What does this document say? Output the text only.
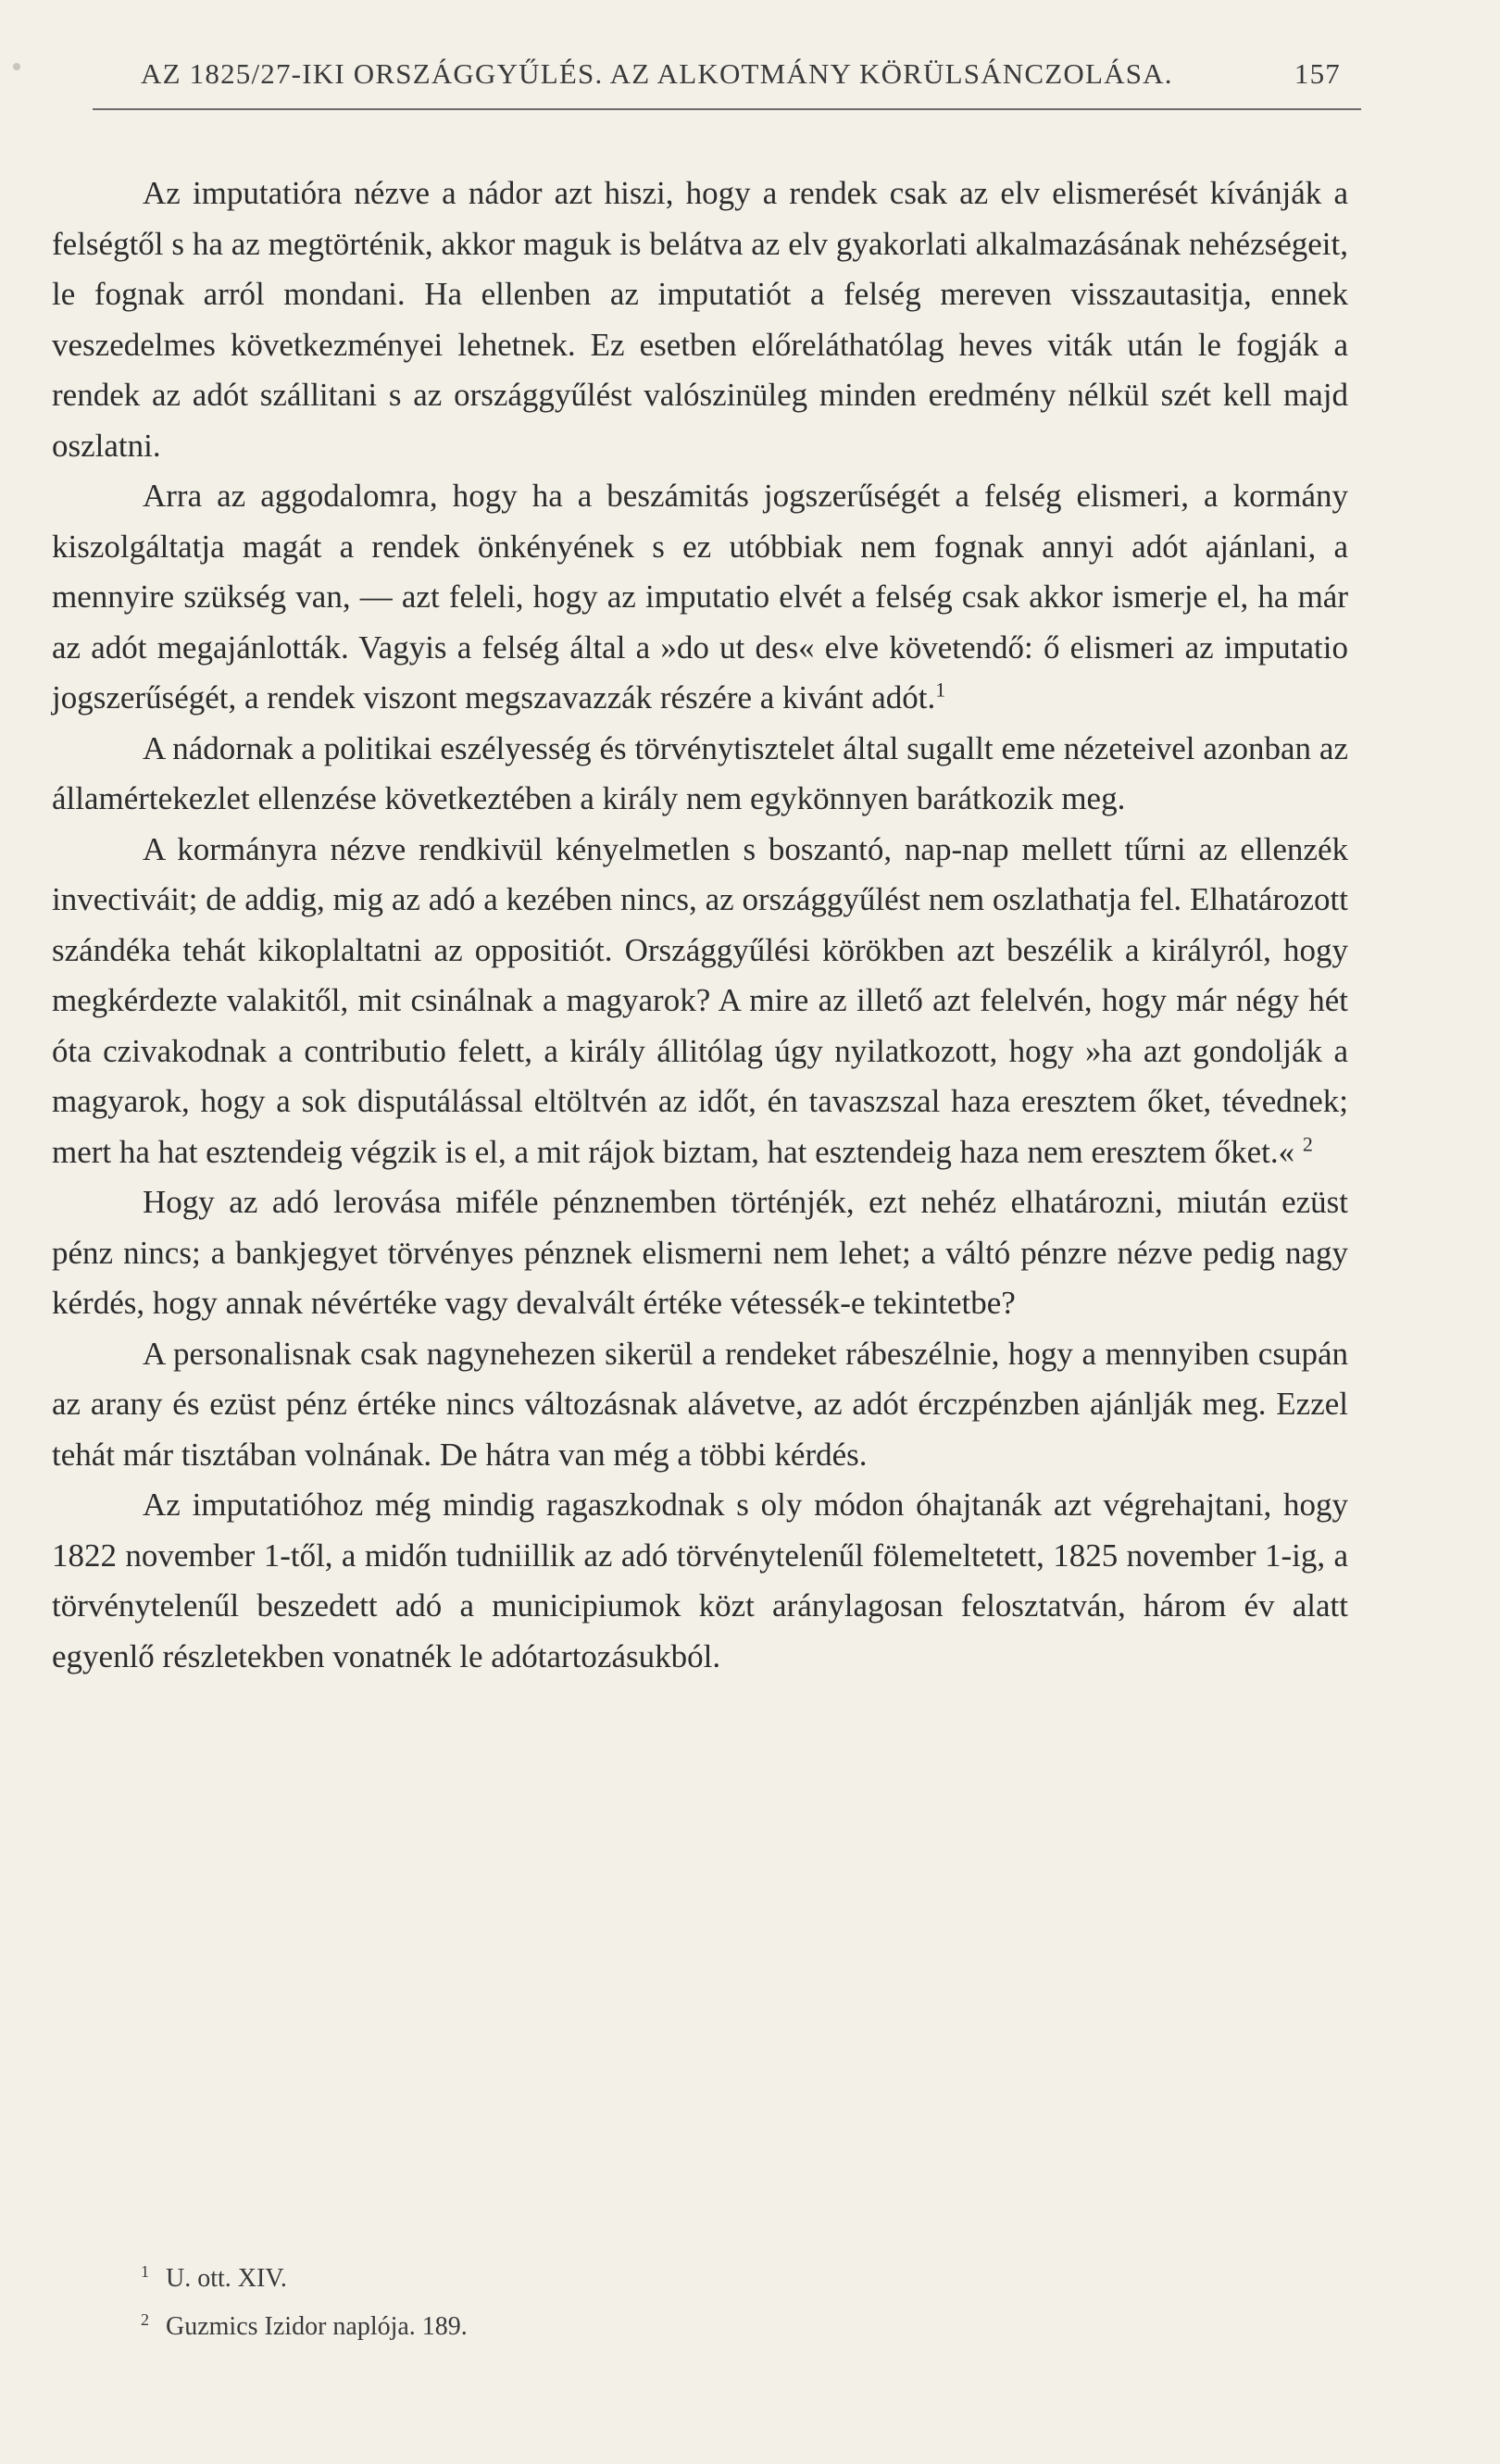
AZ 1825/27-IKI ORSZÁGGYŰLÉS. AZ ALKOTMÁNY KÖRÜLSÁNCZOLÁSA.	157

Az imputatióra nézve a nádor azt hiszi, hogy a rendek csak az elv elismerését kívánják a felségtől s ha az megtörténik, akkor maguk is belátva az elv gyakorlati alkalmazásának nehézségeit, le fognak arról mondani. Ha ellenben az imputatiót a felség mereven visszautasitja, ennek veszedelmes következményei lehetnek. Ez esetben előreláthatólag heves viták után le fogják a rendek az adót szállitani s az országgyűlést valószinüleg minden eredmény nélkül szét kell majd oszlatni.

Arra az aggodalomra, hogy ha a beszámitás jogszerűségét a felség elismeri, a kormány kiszolgáltatja magát a rendek önkényének s ez utóbbiak nem fognak annyi adót ajánlani, a mennyire szükség van, — azt feleli, hogy az imputatio elvét a felség csak akkor ismerje el, ha már az adót megajánlották. Vagyis a felség által a »do ut des« elve követendő: ő elismeri az imputatio jogszerűségét, a rendek viszont megszavazzák részére a kivánt adót.$^1$

A nádornak a politikai eszélyesség és törvénytisztelet által sugallt eme nézeteivel azonban az államértekezlet ellenzése következtében a király nem egykönnyen barátkozik meg.

A kormányra nézve rendkivül kényelmetlen s boszantó, nap-nap mellett tűrni az ellenzék invectiváit; de addig, mig az adó a kezében nincs, az országgyűlést nem oszlathatja fel. Elhatározott szándéka tehát kikoplaltatni az oppositiót. Országgyűlési körökben azt beszélik a királyról, hogy megkérdezte valakitől, mit csinálnak a magyarok? A mire az illető azt felelvén, hogy már négy hét óta czivakodnak a contributio felett, a király állitólag úgy nyilatkozott, hogy »ha azt gondolják a magyarok, hogy a sok disputálással eltöltvén az időt, én tavaszszal haza eresztem őket, tévednek; mert ha hat esztendeig végzik is el, a mit rájok biztam, hat esztendeig haza nem eresztem őket.« $^2$

Hogy az adó lerovása miféle pénznemben történjék, ezt nehéz elhatározni, miután ezüst pénz nincs; a bankjegyet törvényes pénznek elismerni nem lehet; a váltó pénzre nézve pedig nagy kérdés, hogy annak névértéke vagy devalvált értéke vétessék-e tekintetbe?

A personalisnak csak nagynehezen sikerül a rendeket rábeszélnie, hogy a mennyiben csupán az arany és ezüst pénz értéke nincs változásnak alávetve, az adót érczpénzben ajánlják meg. Ezzel tehát már tisztában volnának. De hátra van még a többi kérdés.

Az imputatióhoz még mindig ragaszkodnak s oly módon óhajtanák azt végrehajtani, hogy 1822 november 1-től, a midőn tudniillik az adó törvénytelenűl fölemeltetett, 1825 november 1-ig, a törvénytelenűl beszedett adó a municipiumok közt aránylagosan felosztatván, három év alatt egyenlő részletekben vonatnék le adótartozásukból.

1 U. ott. XIV.
2 Guzmics Izidor naplója. 189.
